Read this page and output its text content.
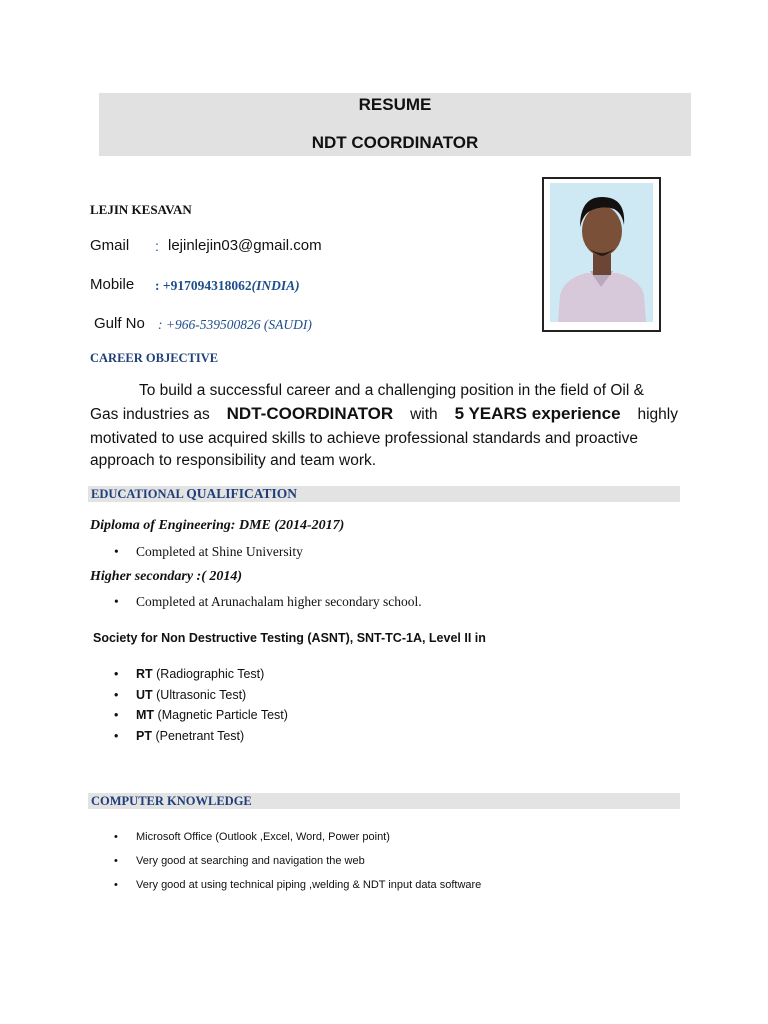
RESUME
NDT COORDINATOR
LEJIN KESAVAN
Gmail : lejinlejin03@gmail.com
Mobile : +917094318062(INDIA)
Gulf No : +966-539500826 (SAUDI)
CAREER OBJECTIVE
To build a successful career and a challenging position in the field of Oil &
Gas industries as NDT-COORDINATOR with 5 YEARS experience highly
motivated to use acquired skills to achieve professional standards and proactive
approach to responsibility and team work.
EDUCATIONAL QUALIFICATION
Diploma of Engineering: DME (2014-2017)
• Completed at Shine University
Higher secondary :( 2014)
• Completed at Arunachalam higher secondary school.
Society for Non Destructive Testing (ASNT), SNT-TC-1A, Level II in
• RT (Radiographic Test)
• UT (Ultrasonic Test)
• MT (Magnetic Particle Test)
• PT (Penetrant Test)
COMPUTER KNOWLEDGE
• Microsoft Office (Outlook ,Excel, Word, Power point)
• Very good at searching and navigation the web
• Very good at using technical piping ,welding & NDT input data software
